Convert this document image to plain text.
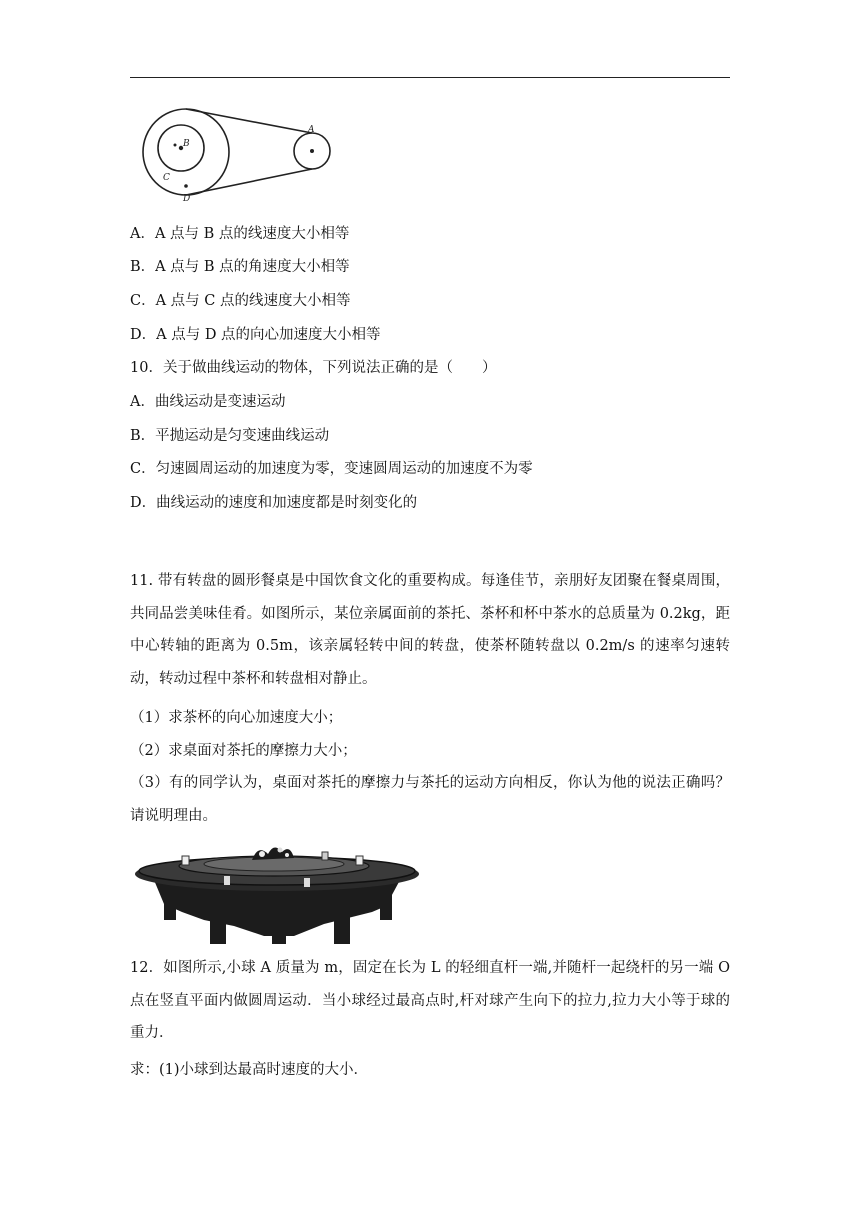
A
B
C
D
A．A 点与 B 点的线速度大小相等
B．A 点与 B 点的角速度大小相等
C．A 点与 C 点的线速度大小相等
D．A 点与 D 点的向心加速度大小相等
10．关于做曲线运动的物体，下列说法正确的是（　　）
A．曲线运动是变速运动
B．平抛运动是匀变速曲线运动
C．匀速圆周运动的加速度为零，变速圆周运动的加速度不为零
D．曲线运动的速度和加速度都是时刻变化的
11. 带有转盘的圆形餐桌是中国饮食文化的重要构成。每逢佳节，亲朋好友团聚在餐桌周围，共同品尝美味佳肴。如图所示，某位亲属面前的茶托、茶杯和杯中茶水的总质量为 0.2kg，距中心转轴的距离为 0.5m，该亲属轻转中间的转盘，使茶杯随转盘以 0.2m/s 的速率匀速转动，转动过程中茶杯和转盘相对静止。
（1）求茶杯的向心加速度大小；
（2）求桌面对茶托的摩擦力大小；
（3）有的同学认为，桌面对茶托的摩擦力与茶托的运动方向相反，你认为他的说法正确吗？请说明理由。
12．如图所示,小球 A 质量为 m，固定在长为 L 的轻细直杆一端,并随杆一起绕杆的另一端 O 点在竖直平面内做圆周运动．当小球经过最高点时,杆对球产生向下的拉力,拉力大小等于球的重力．
求：(1)小球到达最高时速度的大小．
